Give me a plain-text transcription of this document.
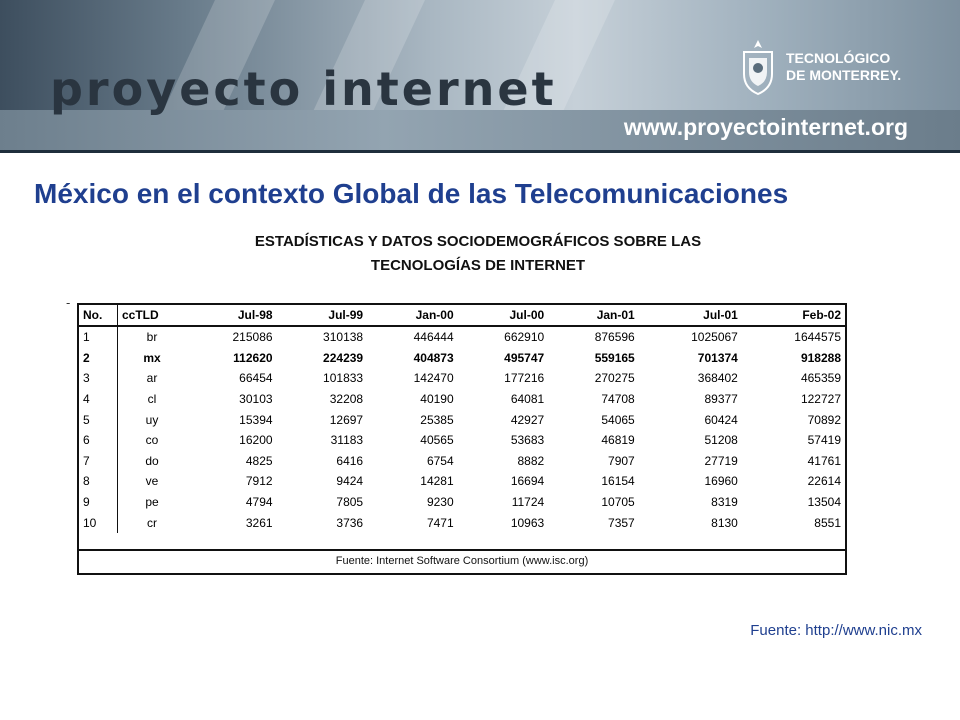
proyecto internet
TECNOLÓGICO
DE MONTERREY.
www.proyectointernet.org
México en el contexto Global de las Telecomunicaciones
ESTADÍSTICAS Y DATOS SOCIODEMOGRÁFICOS SOBRE LAS
TECNOLOGÍAS DE INTERNET
-
No.	ccTLD	Jul-98	Jul-99	Jan-00	Jul-00	Jan-01	Jul-01	Feb-02
1	br	215086	310138	446444	662910	876596	1025067	1644575
2	mx	112620	224239	404873	495747	559165	701374	918288
3	ar	66454	101833	142470	177216	270275	368402	465359
4	cl	30103	32208	40190	64081	74708	89377	122727
5	uy	15394	12697	25385	42927	54065	60424	70892
6	co	16200	31183	40565	53683	46819	51208	57419
7	do	4825	6416	6754	8882	7907	27719	41761
8	ve	7912	9424	14281	16694	16154	16960	22614
9	pe	4794	7805	9230	11724	10705	8319	13504
10	cr	3261	3736	7471	10963	7357	8130	8551
Fuente: Internet Software Consortium (www.isc.org)
Fuente: http://www.nic.mx
